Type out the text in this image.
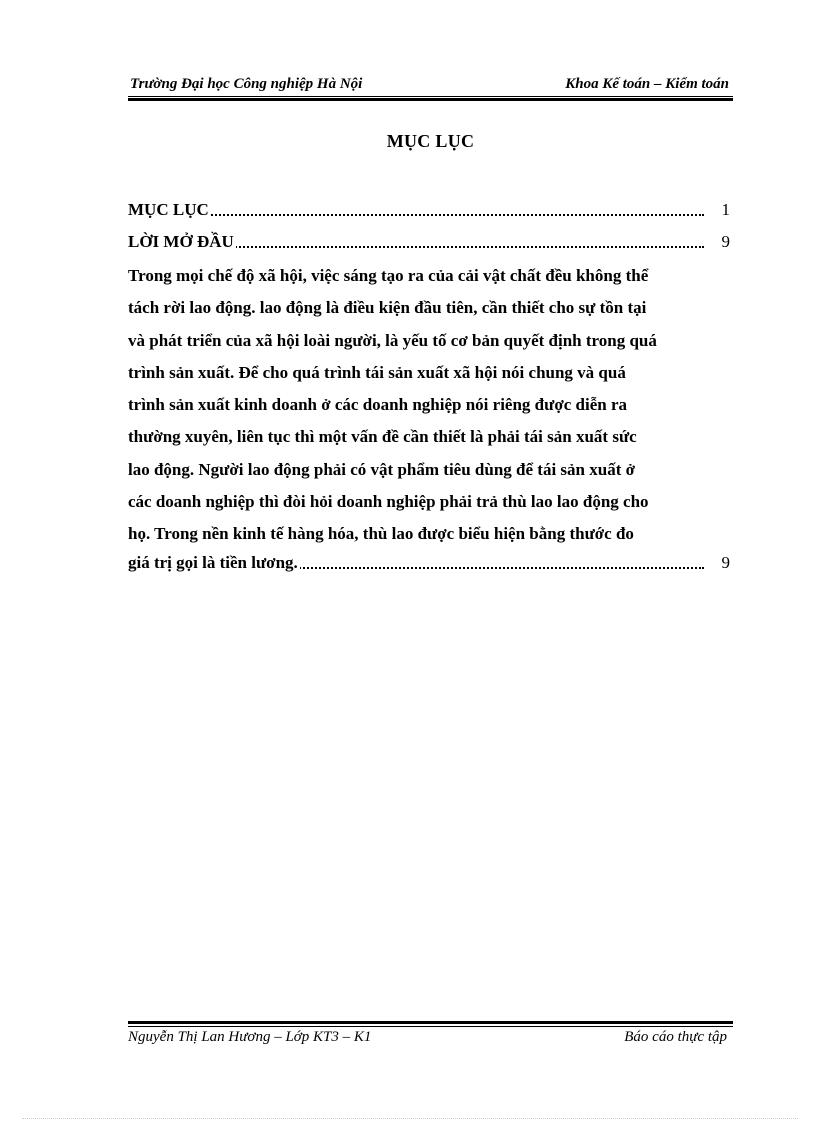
Trường Đại học Công nghiệp Hà Nội	Khoa Kế toán – Kiểm toán
MỤC LỤC
MỤC LỤC	1
LỜI MỞ ĐẦU	9
Trong mọi chế độ xã hội, việc sáng tạo ra của cải vật chất đều không thể
tách rời lao động. lao động là điều kiện đầu tiên, cần thiết cho sự tồn tại
và phát triển của xã hội loài người, là yếu tố cơ bản quyết định trong quá
trình sản xuất. Để cho quá trình tái sản xuất xã hội nói chung và quá
trình sản xuất kinh doanh ở các doanh nghiệp nói riêng được diễn ra
thường xuyên, liên tục thì một vấn đề cần thiết là phải tái sản xuất sức
lao động. Người lao động phải có vật phẩm tiêu dùng để tái sản xuất ở
các doanh nghiệp thì đòi hỏi doanh nghiệp phải trả thù lao lao động cho
họ. Trong nền kinh tế hàng hóa, thù lao được biểu hiện bằng thước đo
giá trị gọi là tiền lương.	9
Nguyễn Thị Lan Hương – Lớp KT3 – K1	Báo cáo thực tập
